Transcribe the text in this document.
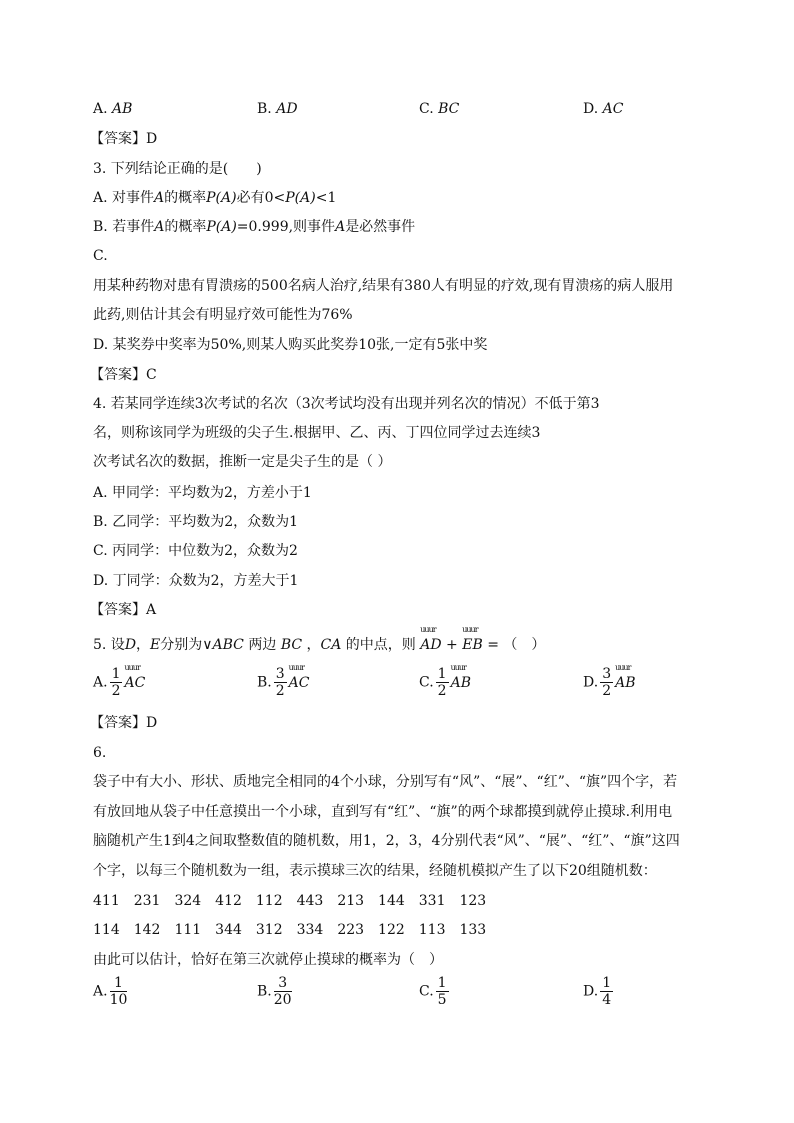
A. AB	B. AD	C. BC	D. AC
【答案】D
3. 下列结论正确的是(　　)
A. 对事件A的概率P(A)必有0<P(A)<1
B. 若事件A的概率P(A)=0.999,则事件A是必然事件
C.
用某种药物对患有胃溃疡的500名病人治疗,结果有380人有明显的疗效,现有胃溃疡的病人服用
此药,则估计其会有明显疗效可能性为76%
D. 某奖券中奖率为50%,则某人购买此奖券10张,一定有5张中奖
【答案】C
4. 若某同学连续3次考试的名次（3次考试均没有出现并列名次的情况）不低于第3
名，则称该同学为班级的尖子生.根据甲、乙、丙、丁四位同学过去连续3
次考试名次的数据，推断一定是尖子生的是（ ）
A. 甲同学：平均数为2，方差小于1
B. 乙同学：平均数为2，众数为1
C. 丙同学：中位数为2，众数为2
D. 丁同学：众数为2，方差大于1
【答案】A
5. 设D，E分别为∨ABC 两边 BC ，CA 的中点，则
uuur
AD +
uuur
EB = （　）
A. $\frac{1}{2}$ uuur
AC	B. $\frac{3}{2}$ uuur
AC	C. $\frac{1}{2}$ uuur
AB	D. $\frac{3}{2}$ uuur
AB
【答案】D
6.
袋子中有大小、形状、质地完全相同的4个小球，分别写有“风”、“展”、“红”、“旗”四个字，若
有放回地从袋子中任意摸出一个小球，直到写有“红”、“旗”的两个球都摸到就停止摸球.利用电
脑随机产生1到4之间取整数值的随机数，用1，2，3，4分别代表“风”、“展”、“红”、“旗”这四
个字，以每三个随机数为一组，表示摸球三次的结果，经随机模拟产生了以下20组随机数：
411　231　324　412　112　443　213　144　331　123
114　142　111　344　312　334　223　122　113　133
由此可以估计，恰好在第三次就停止摸球的概率为（　）
A. $\frac{1}{10}$	B. $\frac{3}{20}$	C. $\frac{1}{5}$	D. $\frac{1}{4}$
